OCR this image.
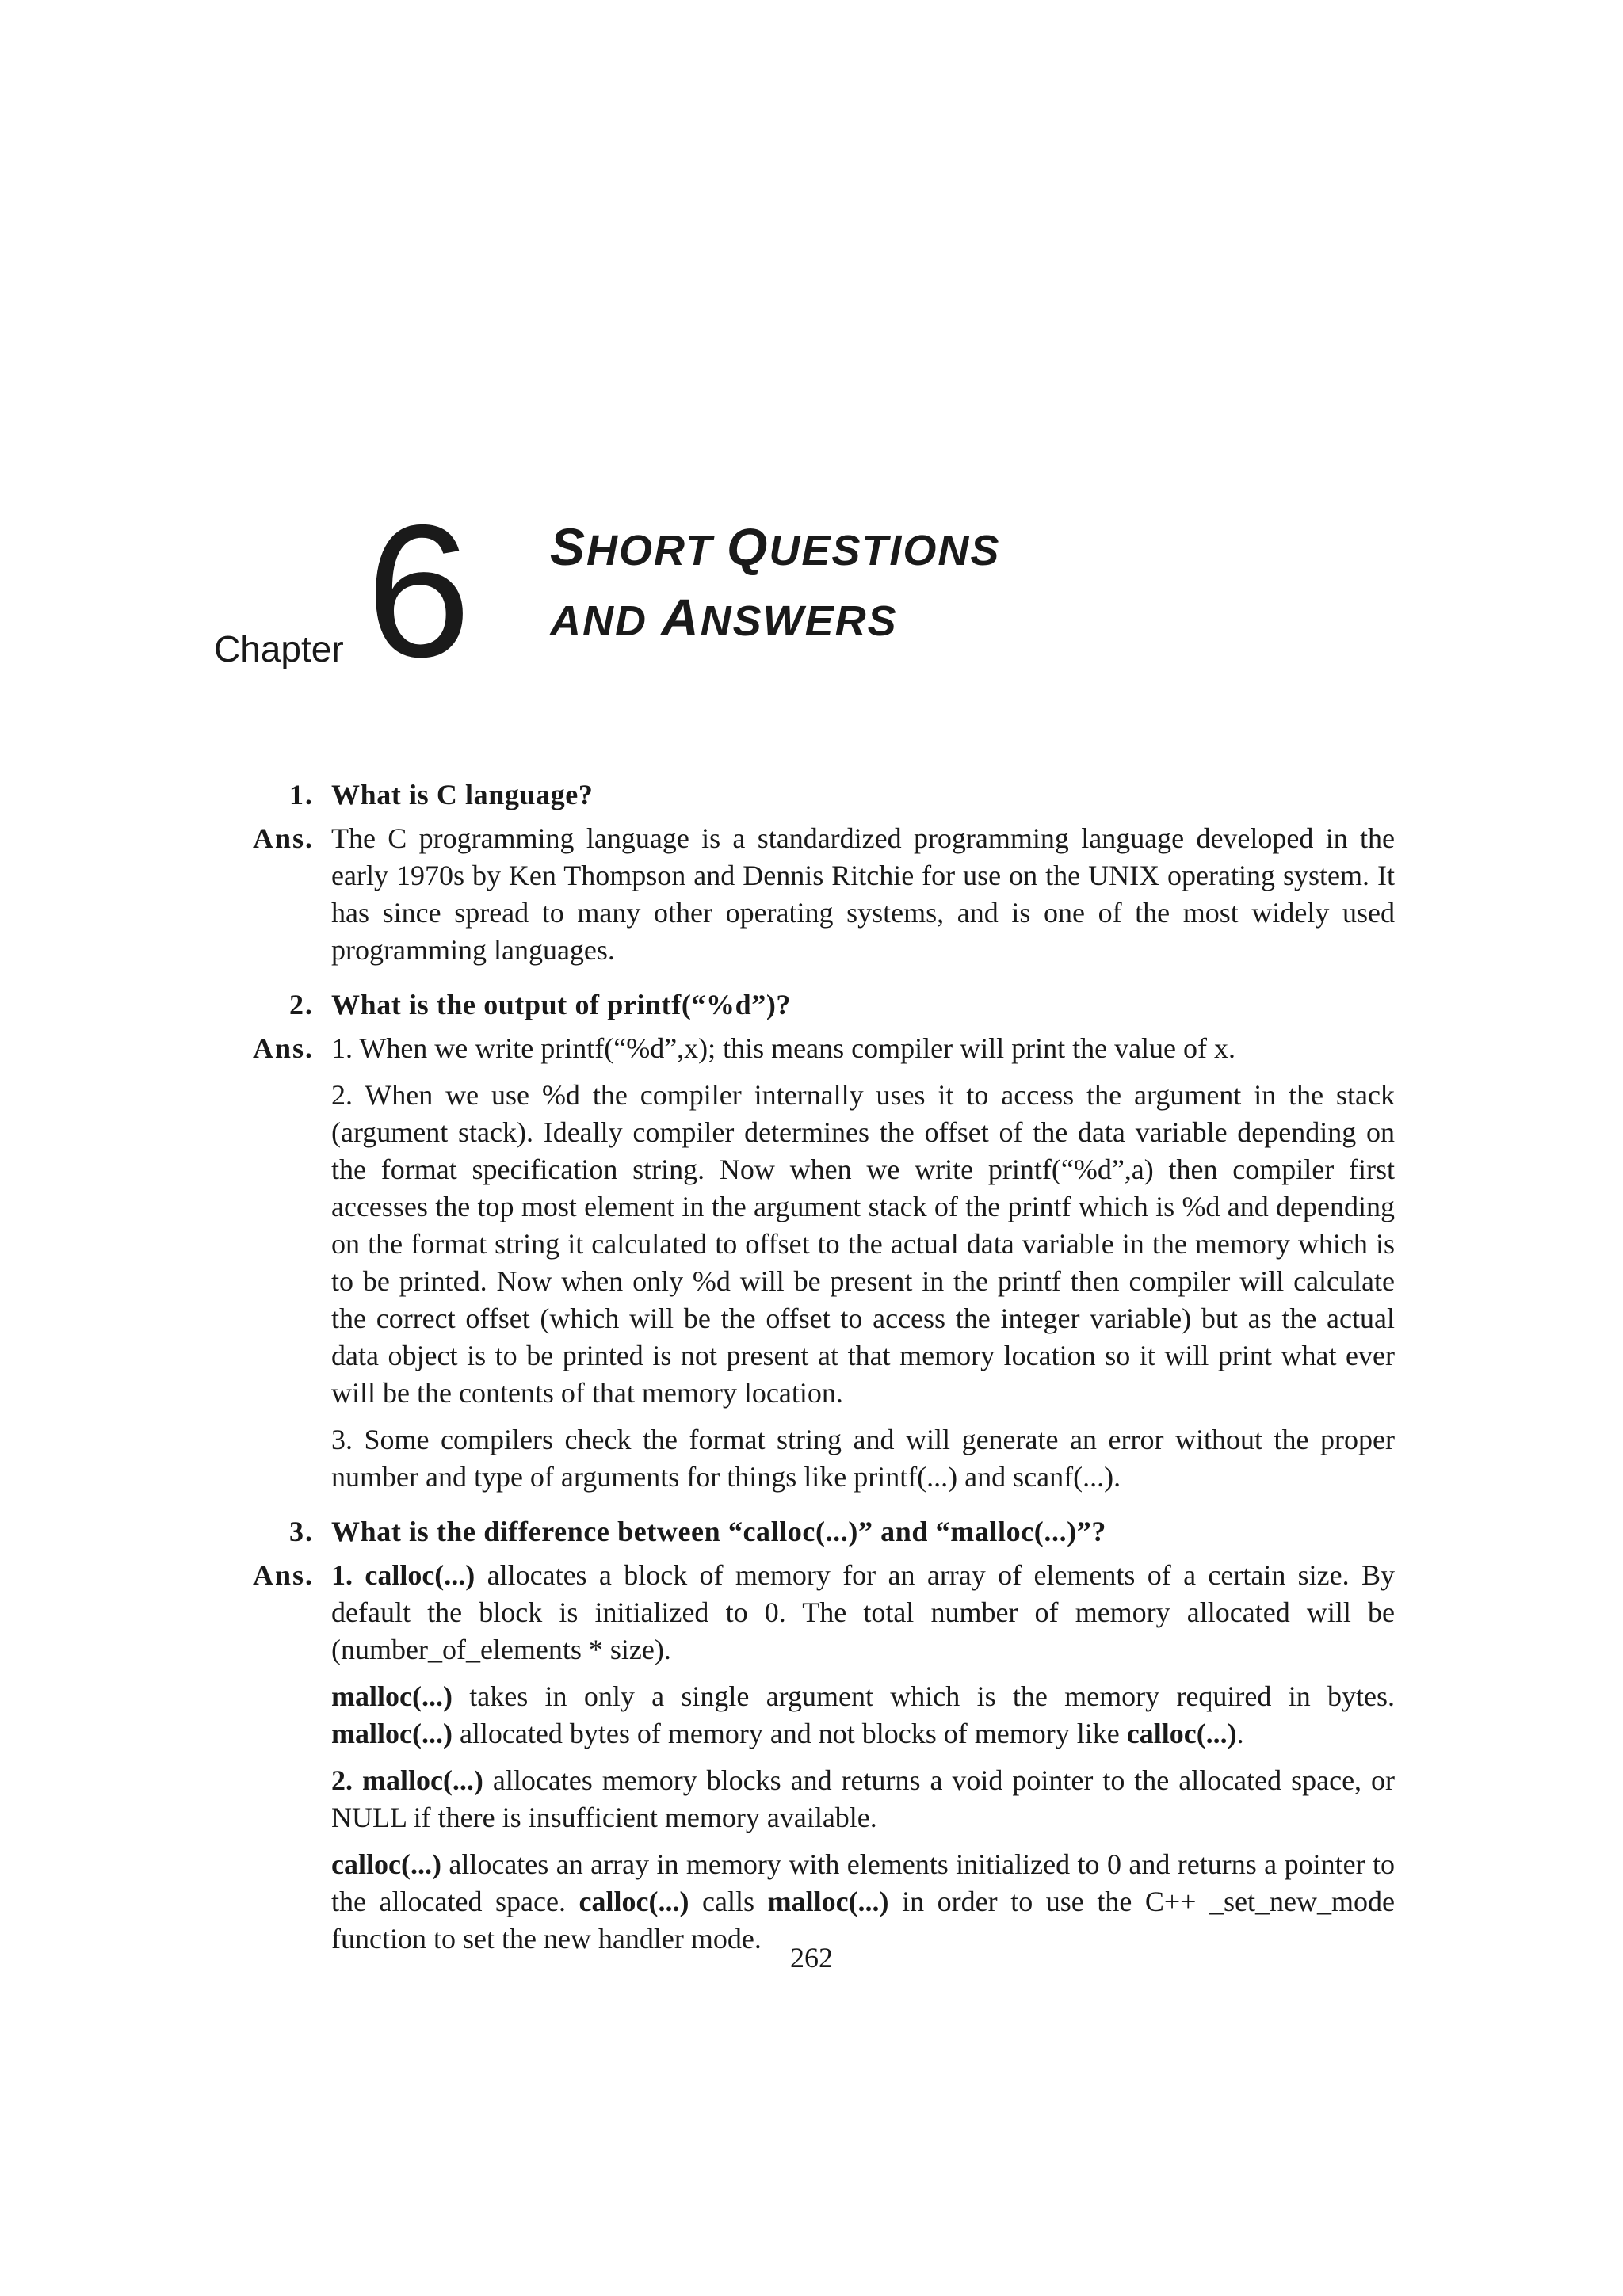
Chapter 6 SHORT QUESTIONS
AND ANSWERS
1. What is C language?
Ans. The C programming language is a standardized programming language developed in the early 1970s by Ken Thompson and Dennis Ritchie for use on the UNIX operating system. It has since spread to many other operating systems, and is one of the most widely used programming languages.

2. What is the output of printf(“%d”)?
Ans. 1. When we write printf(“%d”,x); this means compiler will print the value of x.

2. When we use %d the compiler internally uses it to access the argument in the stack (argument stack). Ideally compiler determines the offset of the data variable depending on the format specification string. Now when we write printf(“%d”,a) then compiler first accesses the top most element in the argument stack of the printf which is %d and depending on the format string it calculated to offset to the actual data variable in the memory which is to be printed. Now when only %d will be present in the printf then compiler will calculate the correct offset (which will be the offset to access the integer variable) but as the actual data object is to be printed is not present at that memory location so it will print what ever will be the contents of that memory location.

3. Some compilers check the format string and will generate an error without the proper number and type of arguments for things like printf(...) and scanf(...).

3. What is the difference between “calloc(...)” and “malloc(...)”?
Ans. 1. calloc(...) allocates a block of memory for an array of elements of a certain size. By default the block is initialized to 0. The total number of memory allocated will be (number_of_elements * size).

malloc(...) takes in only a single argument which is the memory required in bytes. malloc(...) allocated bytes of memory and not blocks of memory like calloc(...).

2. malloc(...) allocates memory blocks and returns a void pointer to the allocated space, or NULL if there is insufficient memory available.

calloc(...) allocates an array in memory with elements initialized to 0 and returns a pointer to the allocated space. calloc(...) calls malloc(...) in order to use the C++ _set_new_mode function to set the new handler mode.

262
